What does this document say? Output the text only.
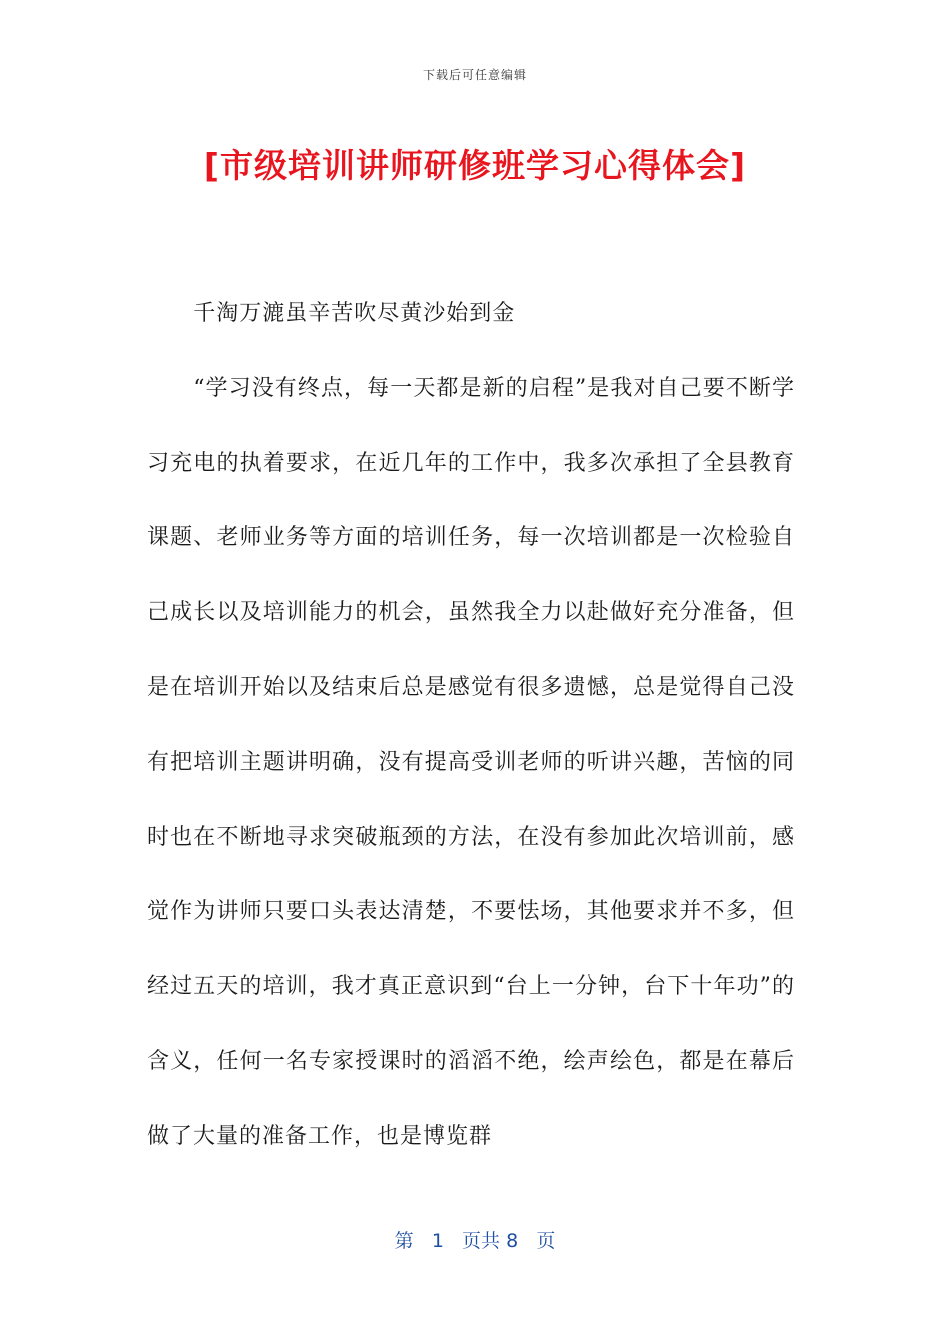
下载后可任意编辑
[市级培训讲师研修班学习心得体会]

千淘万漉虽辛苦吹尽黄沙始到金

“学习没有终点，每一天都是新的启程”是我对自己要不断学习充电的执着要求，在近几年的工作中，我多次承担了全县教育课题、老师业务等方面的培训任务，每一次培训都是一次检验自己成长以及培训能力的机会，虽然我全力以赴做好充分准备，但是在培训开始以及结束后总是感觉有很多遗憾，总是觉得自己没有把培训主题讲明确，没有提高受训老师的听讲兴趣，苦恼的同时也在不断地寻求突破瓶颈的方法，在没有参加此次培训前，感觉作为讲师只要口头表达清楚，不要怯场，其他要求并不多，但经过五天的培训，我才真正意识到“台上一分钟，台下十年功”的含义，任何一名专家授课时的滔滔不绝，绘声绘色，都是在幕后做了大量的准备工作，也是博览群

第 1 页共 8 页
